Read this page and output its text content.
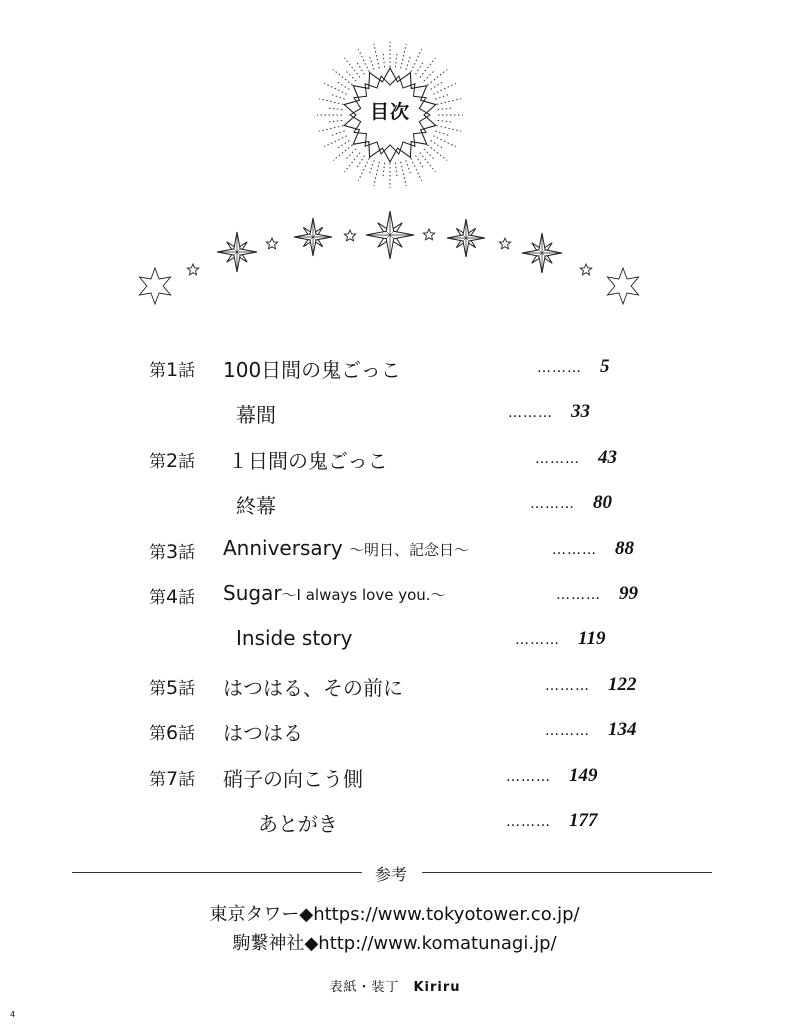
目次
第1話 100日間の鬼ごっこ	……… 5
幕間	……… 33
第2話 １日間の鬼ごっこ	……… 43
終幕	……… 80
第3話 Anniversary 〜明日、記念日〜	……… 88
第4話 Sugar〜I always love you.〜	……… 99
Inside story	……… 119
第5話 はつはる、その前に	……… 122
第6話 はつはる	……… 134
第7話 硝子の向こう側	……… 149
あとがき	……… 177
参考
東京タワー◆https://www.tokyotower.co.jp/
駒繋神社◆http://www.komatunagi.jp/
表紙・装丁 Kiriru
4
